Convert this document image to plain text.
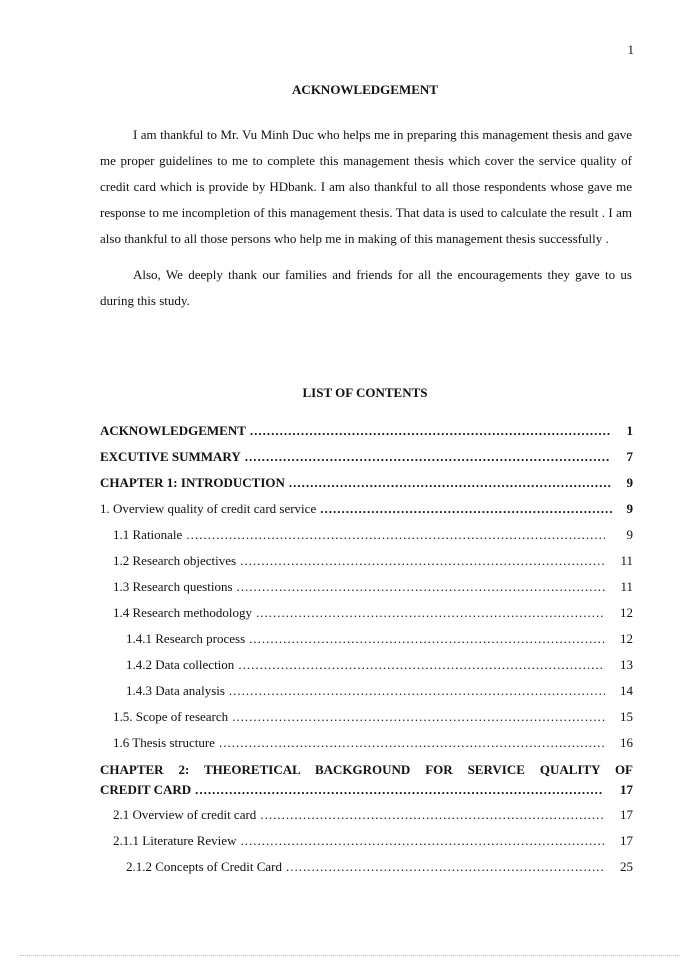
1
ACKNOWLEDGEMENT

I am thankful to Mr. Vu Minh Duc who helps me in preparing this management thesis and gave me proper guidelines to me to complete this management thesis which cover the service quality of credit card which is provide by HDbank. I am also thankful to all those respondents whose gave me response to me incompletion of this management thesis. That data is used to calculate the result . I am also thankful to all those persons who help me in making of this management thesis successfully .

Also, We deeply thank our families and friends for all the encouragements they gave to us during this study.

LIST OF CONTENTS
ACKNOWLEDGEMENT .....	1
EXCUTIVE SUMMARY .....	7
CHAPTER 1: INTRODUCTION .....	9
1. Overview quality of credit card service .....	9
1.1 Rationale .....	9
1.2 Research objectives .....	11
1.3 Research questions .....	11
1.4 Research methodology .....	12
1.4.1 Research process .....	12
1.4.2 Data collection .....	13
1.4.3 Data analysis .....	14
1.5. Scope of research .....	15
1.6 Thesis structure .....	16
CHAPTER 2: THEORETICAL BACKGROUND FOR SERVICE QUALITY OF
CREDIT CARD .....	17
2.1 Overview of credit card .....	17
2.1.1 Literature Review .....	17
2.1.2 Concepts of Credit Card .....	25
